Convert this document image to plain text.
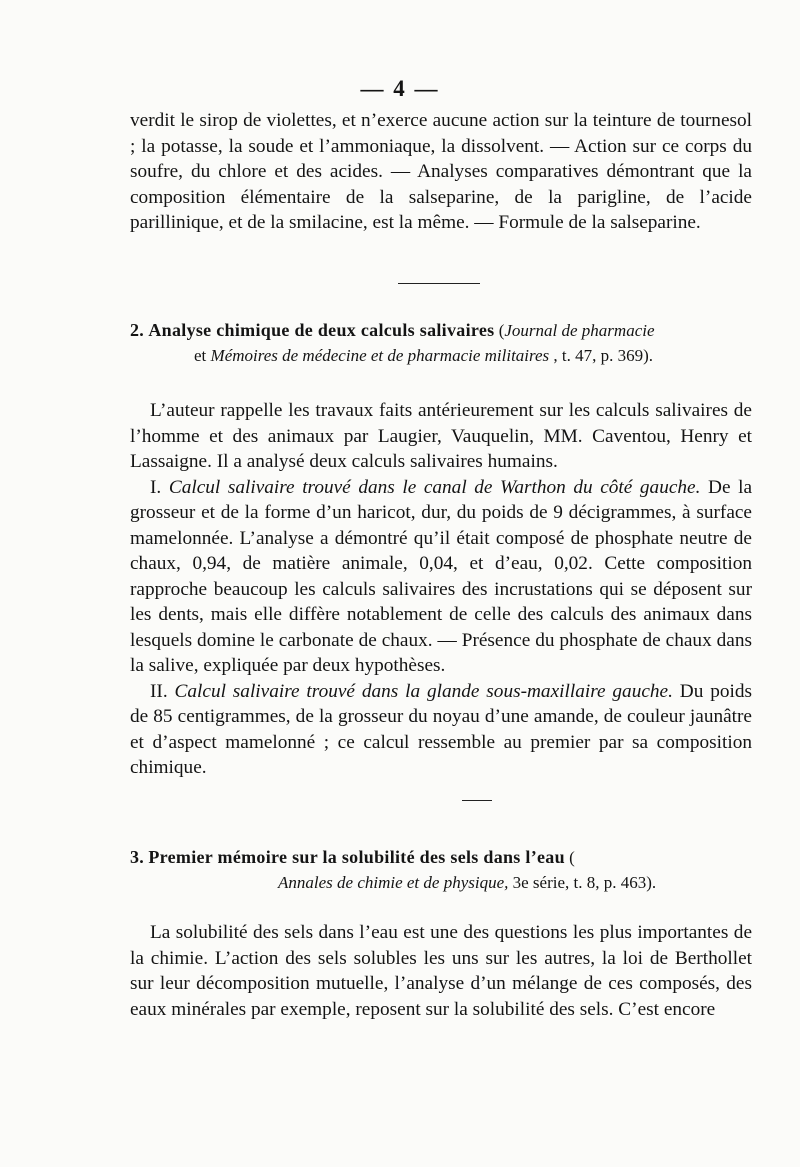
— 4 —

verdit le sirop de violettes, et n’exerce aucune action sur la teinture de tournesol ; la potasse, la soude et l’ammoniaque, la dissolvent. — Action sur ce corps du soufre, du chlore et des acides. — Analyses comparatives démontrant que la composition élémentaire de la salseparine, de la parigline, de l’acide parillinique, et de la smilacine, est la même. — Formule de la salseparine.

2. Analyse chimique de deux calculs salivaires (Journal de pharmacie
et Mémoires de médecine et de pharmacie militaires , t. 47, p. 369).

L’auteur rappelle les travaux faits antérieurement sur les calculs salivaires de l’homme et des animaux par Laugier, Vauquelin, MM. Caventou, Henry et Lassaigne. Il a analysé deux calculs salivaires humains.

I. Calcul salivaire trouvé dans le canal de Warthon du côté gauche. De la grosseur et de la forme d’un haricot, dur, du poids de 9 décigrammes, à surface mamelonnée. L’analyse a démontré qu’il était composé de phosphate neutre de chaux, 0,94, de matière animale, 0,04, et d’eau, 0,02. Cette composition rapproche beaucoup les calculs salivaires des incrustations qui se déposent sur les dents, mais elle diffère notablement de celle des calculs des animaux dans lesquels domine le carbonate de chaux. — Présence du phosphate de chaux dans la salive, expliquée par deux hypothèses.

II. Calcul salivaire trouvé dans la glande sous-maxillaire gauche. Du poids de 85 centigrammes, de la grosseur du noyau d’une amande, de couleur jaunâtre et d’aspect mamelonné ; ce calcul ressemble au premier par sa composition chimique.

3. Premier mémoire sur la solubilité des sels dans l’eau (
Annales de chimie et de physique, 3e série, t. 8, p. 463).

La solubilité des sels dans l’eau est une des questions les plus importantes de la chimie. L’action des sels solubles les uns sur les autres, la loi de Berthollet sur leur décomposition mutuelle, l’analyse d’un mélange de ces composés, des eaux minérales par exemple, reposent sur la solubilité des sels. C’est encore
